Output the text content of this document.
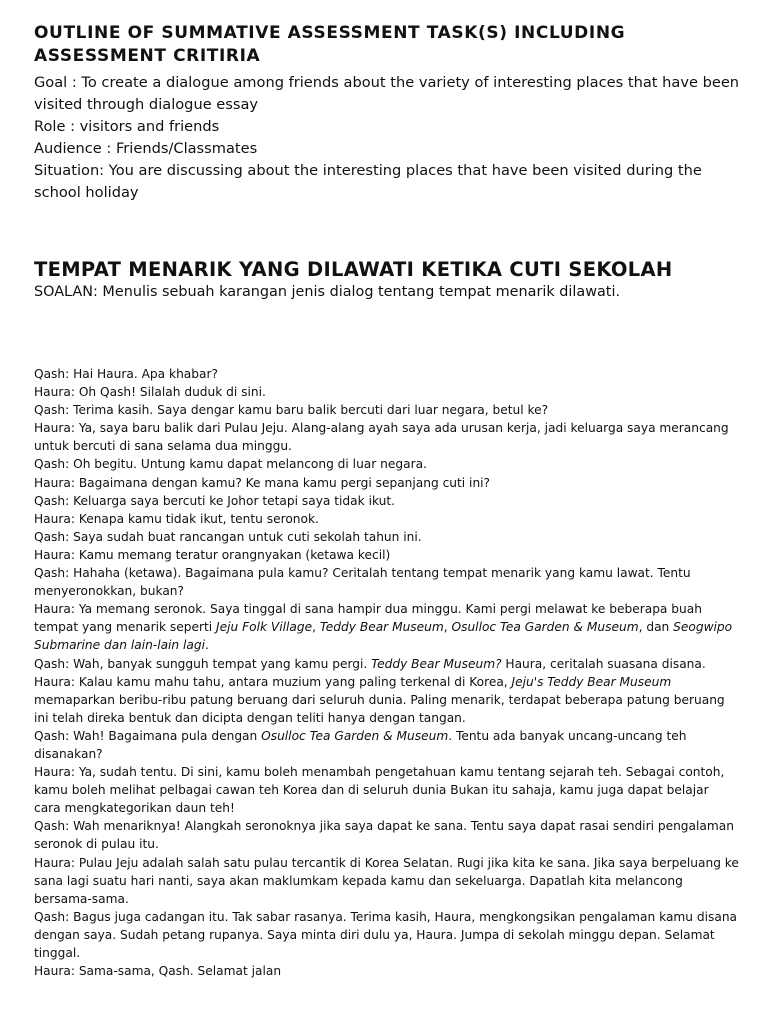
OUTLINE OF SUMMATIVE ASSESSMENT TASK(S) INCLUDING ASSESSMENT CRITIRIA
Goal : To create a dialogue among friends about the variety of interesting places that have been visited through dialogue essay
Role : visitors and friends
Audience : Friends/Classmates
Situation: You are discussing about the interesting places that have been visited during the school holiday
TEMPAT MENARIK YANG DILAWATI KETIKA CUTI SEKOLAH
SOALAN: Menulis sebuah karangan jenis dialog tentang tempat menarik dilawati.
Qash: Hai Haura. Apa khabar?
Haura: Oh Qash! Silalah duduk di sini.
Qash: Terima kasih. Saya dengar kamu baru balik bercuti dari luar negara, betul ke?
Haura: Ya, saya baru balik dari Pulau Jeju. Alang-alang ayah saya ada urusan kerja, jadi keluarga saya merancang untuk bercuti di sana selama dua minggu.
Qash: Oh begitu. Untung kamu dapat melancong di luar negara.
Haura: Bagaimana dengan kamu? Ke mana kamu pergi sepanjang cuti ini?
Qash: Keluarga saya bercuti ke Johor tetapi saya tidak ikut.
Haura: Kenapa kamu tidak ikut, tentu seronok.
Qash: Saya sudah buat rancangan untuk cuti sekolah tahun ini.
Haura: Kamu memang teratur orangnyakan (ketawa kecil)
Qash: Hahaha (ketawa). Bagaimana pula kamu? Ceritalah tentang tempat menarik yang kamu lawat. Tentu menyeronokkan, bukan?
Haura: Ya memang seronok. Saya tinggal di sana hampir dua minggu. Kami pergi melawat ke beberapa buah tempat yang menarik seperti Jeju Folk Village, Teddy Bear Museum, Osulloc Tea Garden & Museum, dan Seogwipo Submarine dan lain-lain lagi.
Qash: Wah, banyak sungguh tempat yang kamu pergi. Teddy Bear Museum? Haura, ceritalah suasana disana.
Haura: Kalau kamu mahu tahu, antara muzium yang paling terkenal di Korea, Jeju's Teddy Bear Museum memaparkan beribu-ribu patung beruang dari seluruh dunia. Paling menarik, terdapat beberapa patung beruang ini telah direka bentuk dan dicipta dengan teliti hanya dengan tangan.
Qash: Wah! Bagaimana pula dengan Osulloc Tea Garden & Museum. Tentu ada banyak uncang-uncang teh disanakan?
Haura: Ya, sudah tentu. Di sini, kamu boleh menambah pengetahuan kamu tentang sejarah teh. Sebagai contoh, kamu boleh melihat pelbagai cawan teh Korea dan di seluruh dunia Bukan itu sahaja, kamu juga dapat belajar cara mengkategorikan daun teh!
Qash: Wah menariknya! Alangkah seronoknya jika saya dapat ke sana. Tentu saya dapat rasai sendiri pengalaman seronok di pulau itu.
Haura: Pulau Jeju adalah salah satu pulau tercantik di Korea Selatan. Rugi jika kita ke sana. Jika saya berpeluang ke sana lagi suatu hari nanti, saya akan maklumkam kepada kamu dan sekeluarga. Dapatlah kita melancong bersama-sama.
Qash: Bagus juga cadangan itu. Tak sabar rasanya. Terima kasih, Haura, mengkongsikan pengalaman kamu disana dengan saya. Sudah petang rupanya. Saya minta diri dulu ya, Haura. Jumpa di sekolah minggu depan. Selamat tinggal.
Haura: Sama-sama, Qash. Selamat jalan
